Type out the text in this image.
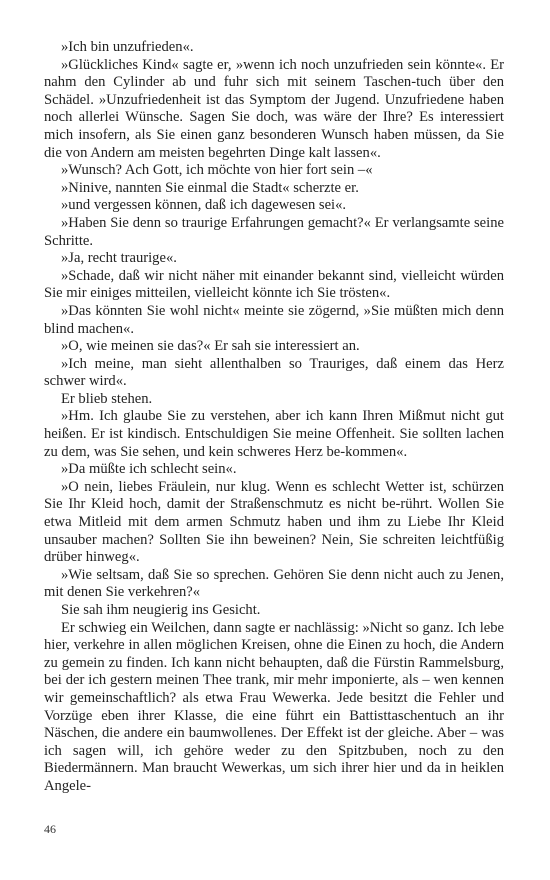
»Ich bin unzufrieden«.

»Glückliches Kind« sagte er, »wenn ich noch unzufrieden sein könnte«. Er nahm den Cylinder ab und fuhr sich mit seinem Taschen-tuch über den Schädel. »Unzufriedenheit ist das Symptom der Jugend. Unzufriedene haben noch allerlei Wünsche. Sagen Sie doch, was wäre der Ihre? Es interessiert mich insofern, als Sie einen ganz besonderen Wunsch haben müssen, da Sie die von Andern am meisten begehrten Dinge kalt lassen«.

»Wunsch? Ach Gott, ich möchte von hier fort sein –«

»Ninive, nannten Sie einmal die Stadt« scherzte er.

»und vergessen können, daß ich dagewesen sei«.

»Haben Sie denn so traurige Erfahrungen gemacht?« Er verlangsamte seine Schritte.

»Ja, recht traurige«.

»Schade, daß wir nicht näher mit einander bekannt sind, vielleicht würden Sie mir einiges mitteilen, vielleicht könnte ich Sie trösten«.

»Das könnten Sie wohl nicht« meinte sie zögernd, »Sie müßten mich denn blind machen«.

»O, wie meinen sie das?« Er sah sie interessiert an.

»Ich meine, man sieht allenthalben so Trauriges, daß einem das Herz schwer wird«.

Er blieb stehen.

»Hm. Ich glaube Sie zu verstehen, aber ich kann Ihren Mißmut nicht gut heißen. Er ist kindisch. Entschuldigen Sie meine Offenheit. Sie sollten lachen zu dem, was Sie sehen, und kein schweres Herz be-kommen«.

»Da müßte ich schlecht sein«.

»O nein, liebes Fräulein, nur klug. Wenn es schlecht Wetter ist, schürzen Sie Ihr Kleid hoch, damit der Straßenschmutz es nicht be-rührt. Wollen Sie etwa Mitleid mit dem armen Schmutz haben und ihm zu Liebe Ihr Kleid unsauber machen? Sollten Sie ihn beweinen? Nein, Sie schreiten leichtfüßig drüber hinweg«.

»Wie seltsam, daß Sie so sprechen. Gehören Sie denn nicht auch zu Jenen, mit denen Sie verkehren?«

Sie sah ihm neugierig ins Gesicht.

Er schwieg ein Weilchen, dann sagte er nachlässig: »Nicht so ganz. Ich lebe hier, verkehre in allen möglichen Kreisen, ohne die Einen zu hoch, die Andern zu gemein zu finden. Ich kann nicht behaupten, daß die Fürstin Rammelsburg, bei der ich gestern meinen Thee trank, mir mehr imponierte, als – wen kennen wir gemeinschaftlich? als etwa Frau Wewerka. Jede besitzt die Fehler und Vorzüge eben ihrer Klasse, die eine führt ein Battisttaschentuch an ihr Näschen, die andere ein baumwollenes. Der Effekt ist der gleiche. Aber – was ich sagen will, ich gehöre weder zu den Spitzbuben, noch zu den Biedermännern. Man braucht Wewerkas, um sich ihrer hier und da in heiklen Angele-

46
